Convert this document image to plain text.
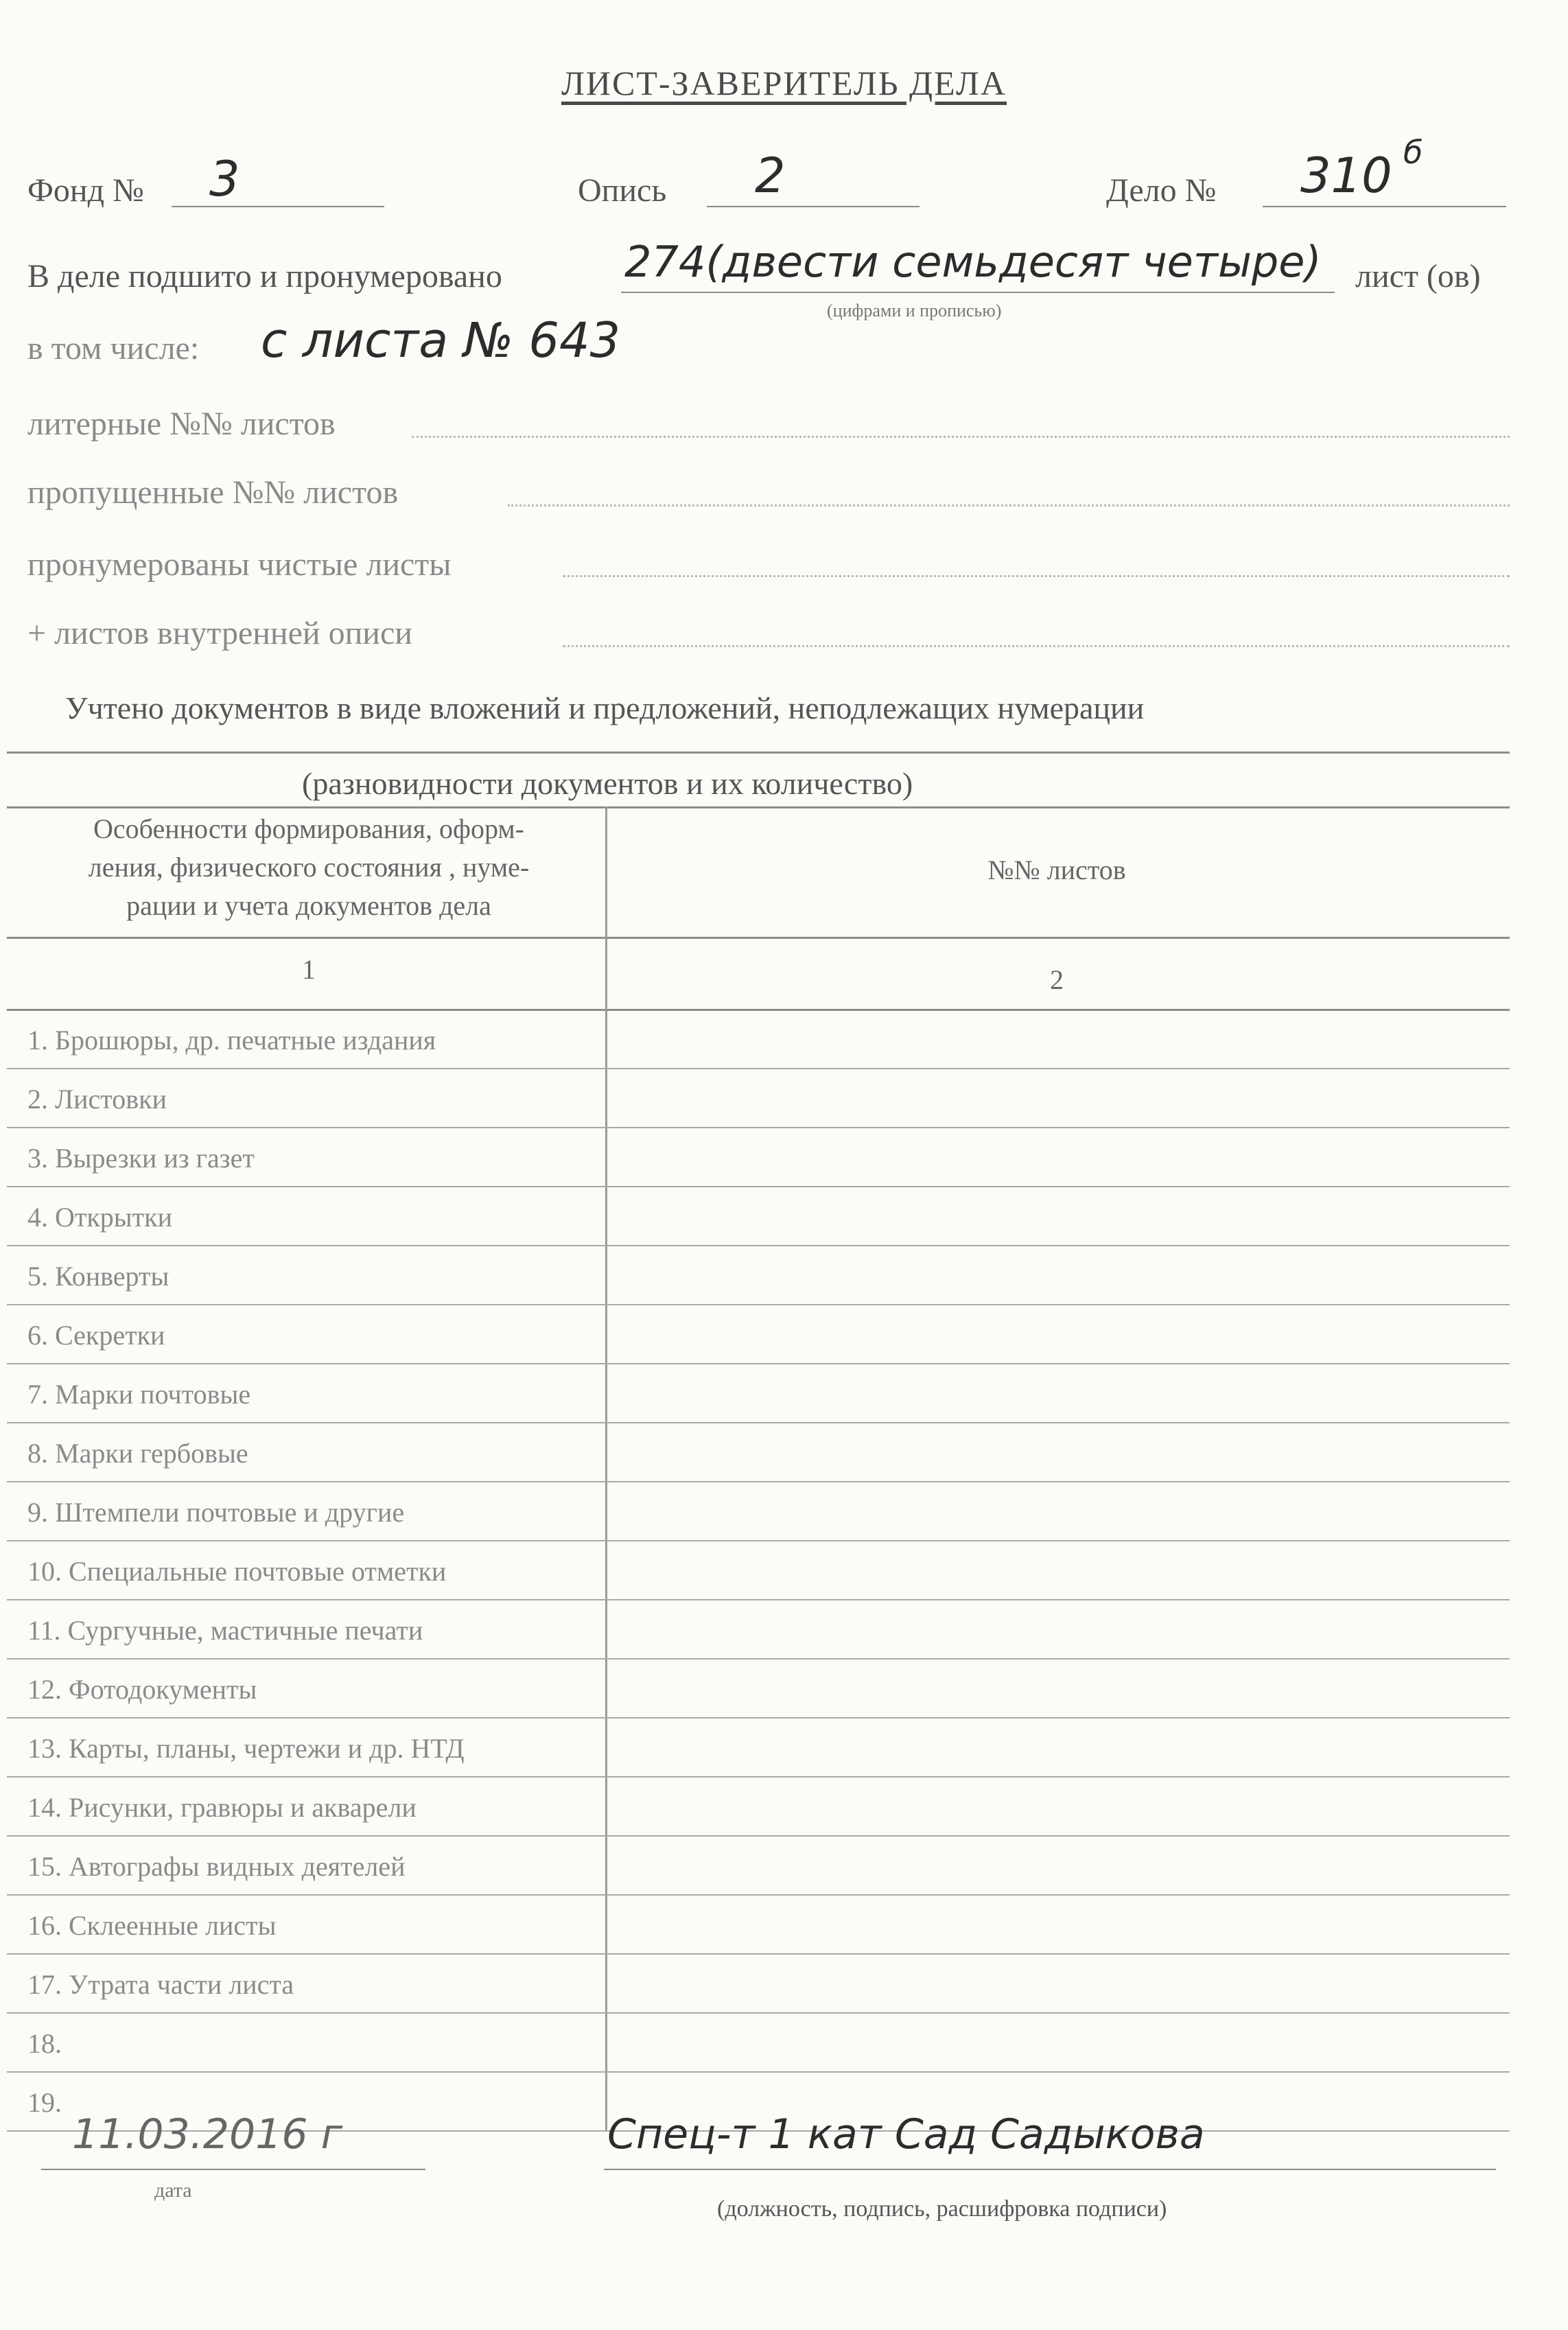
ЛИСТ-ЗАВЕРИТЕЛЬ ДЕЛА
Фонд № 3	Опись 2	Дело № 310 б
В деле подшито и пронумеровано	274(двести семьдесят четыре) лист (ов)
(цифрами и прописью)
в том числе: с листа № 643
литерные №№ листов
пропущенные №№ листов
пронумерованы чистые листы
+ листов внутренней описи
Учтено документов в виде вложений и предложений, неподлежащих нумерации
(разновидности документов и их количество)
Особенности формирования, оформ-
ления, физического состояния , нуме-
рации и учета документов дела
№№ листов
1	2
1. Брошюры, др. печатные издания
2. Листовки
3. Вырезки из газет
4. Открытки
5. Конверты
6. Секретки
7. Марки почтовые
8. Марки гербовые
9. Штемпели почтовые и другие
10. Специальные почтовые отметки
11. Сургучные, мастичные печати
12. Фотодокументы
13. Карты, планы, чертежи и др. НТД
14. Рисунки, гравюры и акварели
15. Автографы видных деятелей
16. Склеенные листы
17. Утрата части листа
18.
19.
11.03.2016 г
дата
Спец-т 1 кат Сад Садыкова
(должность, подпись, расшифровка подписи)
